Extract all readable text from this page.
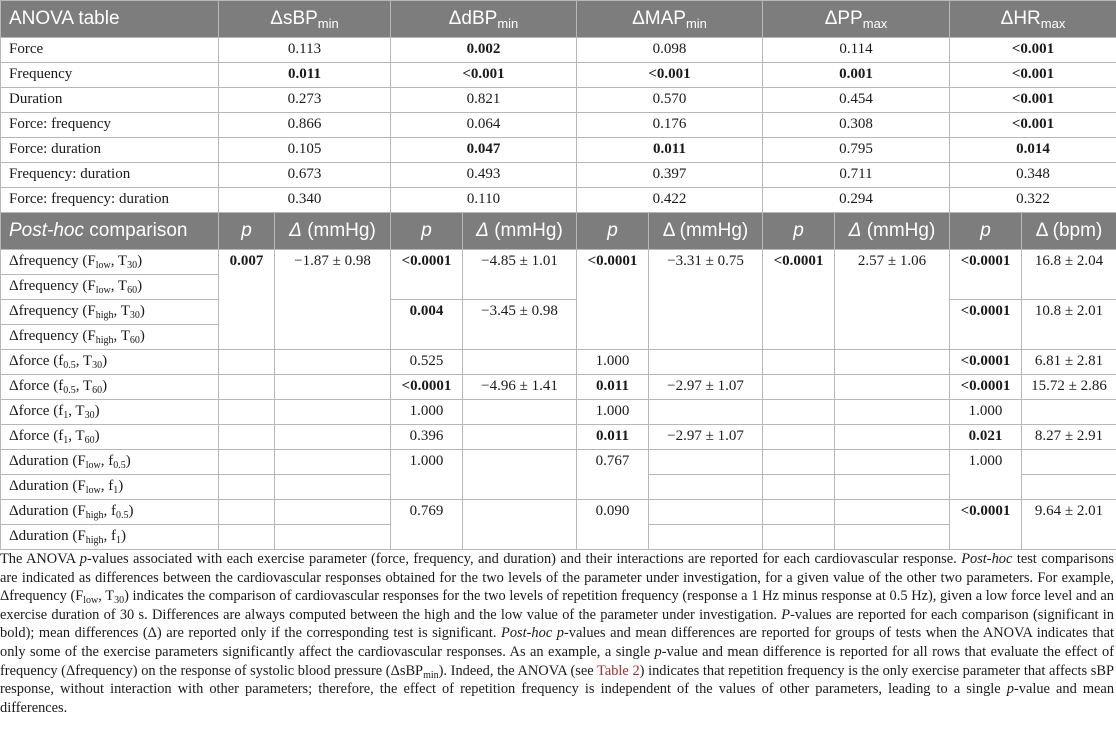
ANOVA table	ΔsBP$_{min}$	ΔdBP$_{min}$	$\Delta MAP_{min}$	$\Delta PP_{max}$	$\Delta HR_{max}$
Force	0.113	0.002	0.098	0.114	<0.001
Frequency	0.011	<0.001	<0.001	0.001	<0.001
Duration	0.273	0.821	0.570	0.454	<0.001
Force: frequency	0.866	0.064	0.176	0.308	<0.001
Force: duration	0.105	0.047	0.011	0.795	0.014
Frequency: duration	0.673	0.493	0.397	0.711	0.348
Force: frequency: duration	0.340	0.110	0.422	0.294	0.322
Post-hoc comparison	p	Δ (mmHg)	p	Δ (mmHg)	p	Δ (mmHg)	p	Δ (mmHg)	p	Δ (bpm)
Δfrequency ($F_{low}$, $T_{30}$)	0.007	−1.87 ± 0.98	<0.0001	−4.85 ± 1.01	<0.0001	−3.31 ± 0.75	<0.0001	2.57 ± 1.06	<0.0001	16.8 ± 2.04
Δfrequency ($F_{low}$, $T_{60}$)										
Δfrequency ($F_{high}$, $T_{30}$)			0.004	−3.45 ± 0.98					<0.0001	10.8 ± 2.01
Δfrequency ($F_{high}$, $T_{60}$)										
Δforce ($f_{0.5}$, $T_{30}$)			0.525		1.000				<0.0001	6.81 ± 2.81
Δforce ($f_{0.5}$, $T_{60}$)			<0.0001	−4.96 ± 1.41	0.011	−2.97 ± 1.07			<0.0001	15.72 ± 2.86
Δforce ($f_1$, $T_{30}$)			1.000		1.000				1.000	
Δforce ($f_1$, $T_{60}$)			0.396		0.011	−2.97 ± 1.07			0.021	8.27 ± 2.91
Δduration ($F_{low}$, $f_{0.5}$)			1.000		0.767				1.000	
Δduration ($F_{low}$, $f_1$)										
Δduration ($F_{high}$, $f_{0.5}$)			0.769		0.090				<0.0001	9.64 ± 2.01
Δduration ($F_{high}$, $f_1$)										

The ANOVA p-values associated with each exercise parameter (force, frequency, and duration) and their interactions are reported for each cardiovascular response. Post-hoc test comparisons are indicated as differences between the cardiovascular responses obtained for the two levels of the parameter under investigation, for a given value of the other two parameters. For example, Δfrequency ($F_{low}$, $T_{30}$) indicates the comparison of cardiovascular responses for the two levels of repetition frequency (response a 1 Hz minus response at 0.5 Hz), given a low force level and an exercise duration of 30 s. Differences are always computed between the high and the low value of the parameter under investigation. P-values are reported for each comparison (significant in bold); mean differences (Δ) are reported only if the corresponding test is significant. Post-hoc p-values and mean differences are reported for groups of tests when the ANOVA indicates that only some of the exercise parameters significantly affect the cardiovascular responses. As an example, a single p-value and mean difference is reported for all rows that evaluate the effect of frequency (Δfrequency) on the response of systolic blood pressure (ΔsBP$_{min}$). Indeed, the ANOVA (see Table 2) indicates that repetition frequency is the only exercise parameter that affects sBP response, without interaction with other parameters; therefore, the effect of repetition frequency is independent of the values of other parameters, leading to a single p-value and mean differences.
